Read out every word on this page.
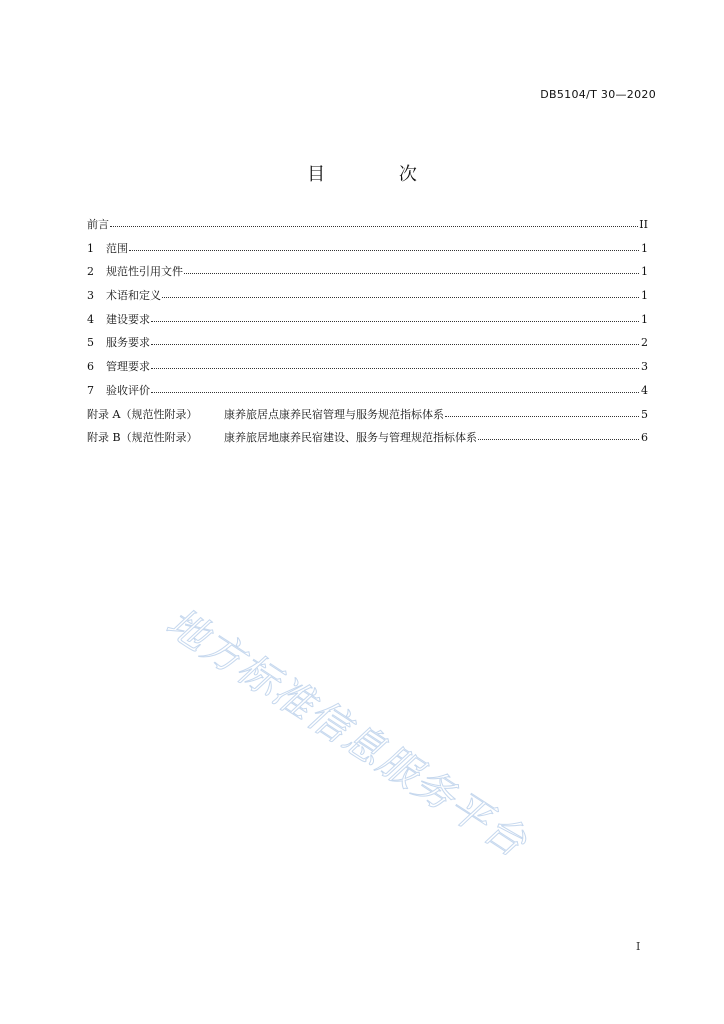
DB5104/T 30—2020
目 次
前言	II
1	范围	1
2	规范性引用文件	1
3	术语和定义	1
4	建设要求	1
5	服务要求	2
6	管理要求	3
7	验收评价	4
附录 A（规范性附录）	康养旅居点康养民宿管理与服务规范指标体系	5
附录 B（规范性附录）	康养旅居地康养民宿建设、服务与管理规范指标体系	6
地方标准信息服务平台
I
